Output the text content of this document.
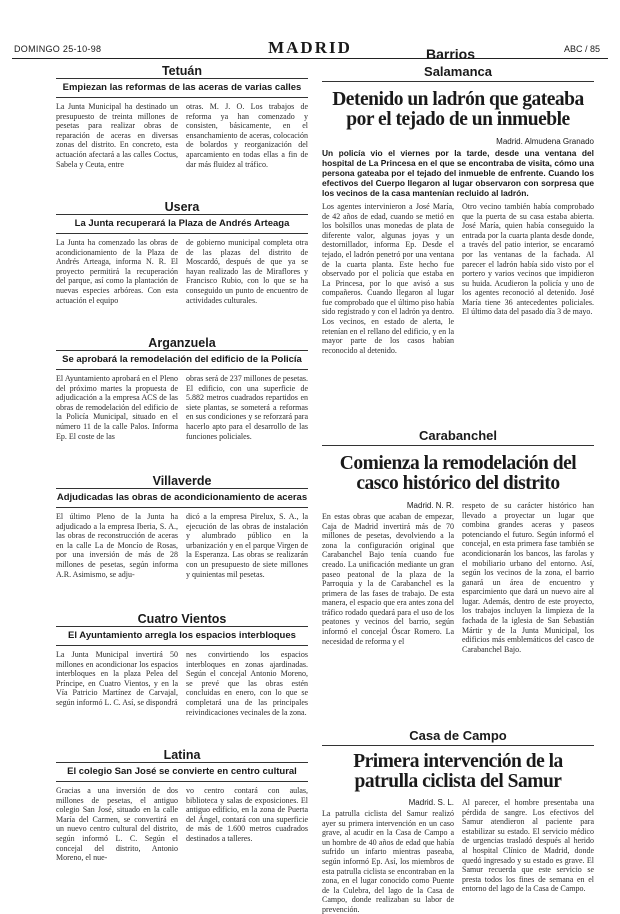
DOMINGO 25-10-98	MADRID	ABC / 85
Tetuán
Empiezan las reformas de las aceras de varias calles
La Junta Municipal ha destinado un presupuesto de treinta millones de pesetas para realizar obras de reparación de aceras en diversas zonas del distrito. En concreto, esta actuación afectará a las calles Coctus, Sabela y Ceuta, entre
otras. M. J. O. Los trabajos de reforma ya han comenzado y consisten, básicamente, en el ensanchamiento de aceras, colocación de bolardos y reorganización del aparcamiento en todas ellas a fin de dar más fluidez al tráfico.
Usera
La Junta recuperará la Plaza de Andrés Arteaga
La Junta ha comenzado las obras de acondicionamiento de la Plaza de Andrés Arteaga, informa N. R. El proyecto permitirá la recuperación del parque, así como la plantación de nuevas especies arbóreas. Con esta actuación el equipo
de gobierno municipal completa otra de las plazas del distrito de Moscardó, después de que ya se hayan realizado las de Miraflores y Francisco Rubio, con lo que se ha conseguido un punto de encuentro de actividades culturales.
Arganzuela
Se aprobará la remodelación del edificio de la Policía
El Ayuntamiento aprobará en el Pleno del próximo martes la propuesta de adjudicación a la empresa ACS de las obras de remodelación del edificio de la Policía Municipal, situado en el número 11 de la calle Palos. Informa Ep. El coste de las
obras será de 237 millones de pesetas. El edificio, con una superficie de 5.882 metros cuadrados repartidos en siete plantas, se someterá a reformas en sus condiciones y se reforzará para hacerlo apto para el desarrollo de las funciones policiales.
Villaverde
Adjudicadas las obras de acondicionamiento de aceras
El último Pleno de la Junta ha adjudicado a la empresa Iberia, S. A., las obras de reconstrucción de aceras en la calle La de Moncío de Rosas, por una inversión de más de 28 millones de pesetas, según informa A.R. Asimismo, se adju-
dicó a la empresa Pirelux, S. A., la ejecución de las obras de instalación y alumbrado público en la urbanización y en el parque Virgen de la Esperanza. Las obras se realizarán con un presupuesto de siete millones y quinientas mil pesetas.
Cuatro Vientos
El Ayuntamiento arregla los espacios interbloques
La Junta Municipal invertirá 50 millones en acondicionar los espacios interbloques en la plaza Pelea del Príncipe, en Cuatro Vientos, y en la Vía Patricio Martínez de Carvajal, según informó L. C. Así, se dispondrá
nes convirtiendo los espacios interbloques en zonas ajardinadas. Según el concejal Antonio Moreno, se prevé que las obras estén concluidas en enero, con lo que se completará una de las principales reivindicaciones vecinales de la zona.
Latina
El colegio San José se convierte en centro cultural
Gracias a una inversión de dos millones de pesetas, el antiguo colegio San José, situado en la calle María del Carmen, se convertirá en un nuevo centro cultural del distrito, según informó L. C. Según el concejal del distrito, Antonio Moreno, el nue-
vo centro contará con aulas, biblioteca y salas de exposiciones. El antiguo edificio, en la zona de Puerta del Ángel, contará con una superficie de más de 1.600 metros cuadrados destinados a talleres.
Barrios
Salamanca
Detenido un ladrón que gateaba por el tejado de un inmueble
Madrid. Almudena Granado
Un policía vio el viernes por la tarde, desde una ventana del hospital de La Princesa en el que se encontraba de visita, cómo una persona gateaba por el tejado del inmueble de enfrente. Cuando los efectivos del Cuerpo llegaron al lugar observaron con sorpresa que los vecinos de la casa mantenían recluido al ladrón.
Los agentes intervinieron a José María, de 42 años de edad, cuando se metió en los bolsillos unas monedas de plata de diferente valor, algunas joyas y un destornillador, informa Ep. Desde el tejado, el ladrón penetró por una ventana de la cuarta planta. Este hecho fue observado por el policía que estaba en La Princesa, por lo que avisó a sus compañeros. Cuando llegaron al lugar fue comprobado que el último piso había sido registrado y con el ladrón ya dentro. Los vecinos, en estado de alerta, le retenían en el rellano del edificio, y en la mayor parte de los casos habían reconocido al detenido.
Otro vecino también había comprobado que la puerta de su casa estaba abierta. José María, quien había conseguido la entrada por la cuarta planta desde donde, a través del patio interior, se encaramó por las ventanas de la fachada. Al parecer el ladrón había sido visto por el portero y varios vecinos que impidieron su huida. Acudieron la policía y uno de los agentes reconoció al detenido. José María tiene 36 antecedentes policiales. El último data del pasado día 3 de mayo.
Carabanchel
Comienza la remodelación del casco histórico del distrito
Madrid. N. R.
En estas obras que acaban de empezar, Caja de Madrid invertirá más de 70 millones de pesetas, devolviendo a la zona la configuración original que Carabanchel Bajo tenía cuando fue creado. La unificación mediante un gran paseo peatonal de la plaza de la Parroquia y la de Carabanchel es la primera de las fases de trabajo. De esta manera, el espacio que era antes zona del tráfico rodado quedará para el uso de los peatones y vecinos del barrio, según informó el concejal Óscar Romero. La necesidad de reforma y el
respeto de su carácter histórico han llevado a proyectar un lugar que combina grandes aceras y paseos potenciando el futuro. Según informó el concejal, en esta primera fase también se acondicionarán los bancos, las farolas y el mobiliario urbano del entorno. Así, según los vecinos de la zona, el barrio ganará un área de encuentro y esparcimiento que dará un nuevo aire al lugar. Además, dentro de este proyecto, los trabajos incluyen la limpieza de la fachada de la iglesia de San Sebastián Mártir y de la Junta Municipal, los edificios más emblemáticos del casco de Carabanchel Bajo.
Casa de Campo
Primera intervención de la patrulla ciclista del Samur
Madrid. S. L.
La patrulla ciclista del Samur realizó ayer su primera intervención en un caso grave, al acudir en la Casa de Campo a un hombre de 40 años de edad que había sufrido un infarto mientras paseaba, según informó Ep. Así, los miembros de esta patrulla ciclista se encontraban en la zona, en el lugar conocido como Puente de la Culebra, del lago de la Casa de Campo, donde realizaban su labor de prevención.
Al parecer, el hombre presentaba una pérdida de sangre. Los efectivos del Samur atendieron al paciente para estabilizar su estado. El servicio médico de urgencias trasladó después al herido al hospital Clínico de Madrid, donde quedó ingresado y su estado es grave. El Samur recuerda que este servicio se presta todos los fines de semana en el entorno del lago de la Casa de Campo.
